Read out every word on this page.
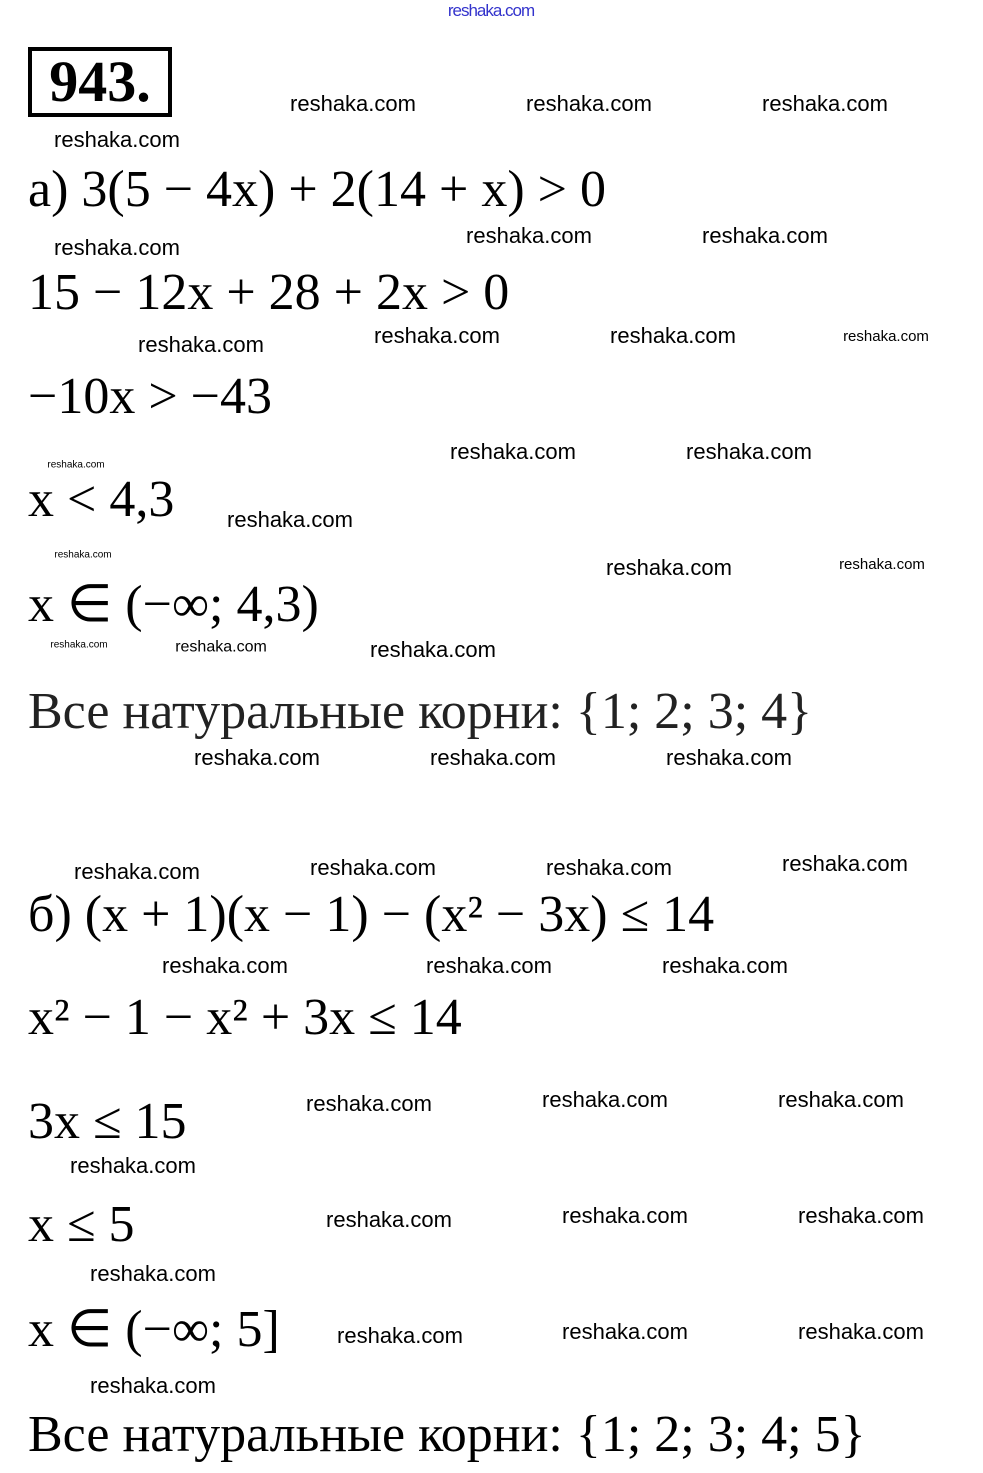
reshaka.com
943.
а) 3(5 − 4x) + 2(14 + x) > 0
15 − 12x + 28 + 2x > 0
−10x > −43
x < 4,3
x ∈ (−∞; 4,3)
Все натуральные корни: {1; 2; 3; 4}
б) (x + 1)(x − 1) − (x² − 3x) ≤ 14
x² − 1 − x² + 3x ≤ 14
3x ≤ 15
x ≤ 5
x ∈ (−∞; 5]
Все натуральные корни: {1; 2; 3; 4; 5}
reshaka.com	reshaka.com	reshaka.com
reshaka.com
reshaka.com	reshaka.com
reshaka.com
reshaka.com	reshaka.com	reshaka.com
reshaka.com
reshaka.com	reshaka.com
reshaka.com
reshaka.com
reshaka.com	reshaka.com	reshaka.com
reshaka.com	reshaka.com	reshaka.com
reshaka.com	reshaka.com	reshaka.com
reshaka.com	reshaka.com	reshaka.com	reshaka.com
reshaka.com	reshaka.com	reshaka.com
reshaka.com	reshaka.com	reshaka.com
reshaka.com
reshaka.com	reshaka.com	reshaka.com
reshaka.com
reshaka.com	reshaka.com	reshaka.com
reshaka.com
